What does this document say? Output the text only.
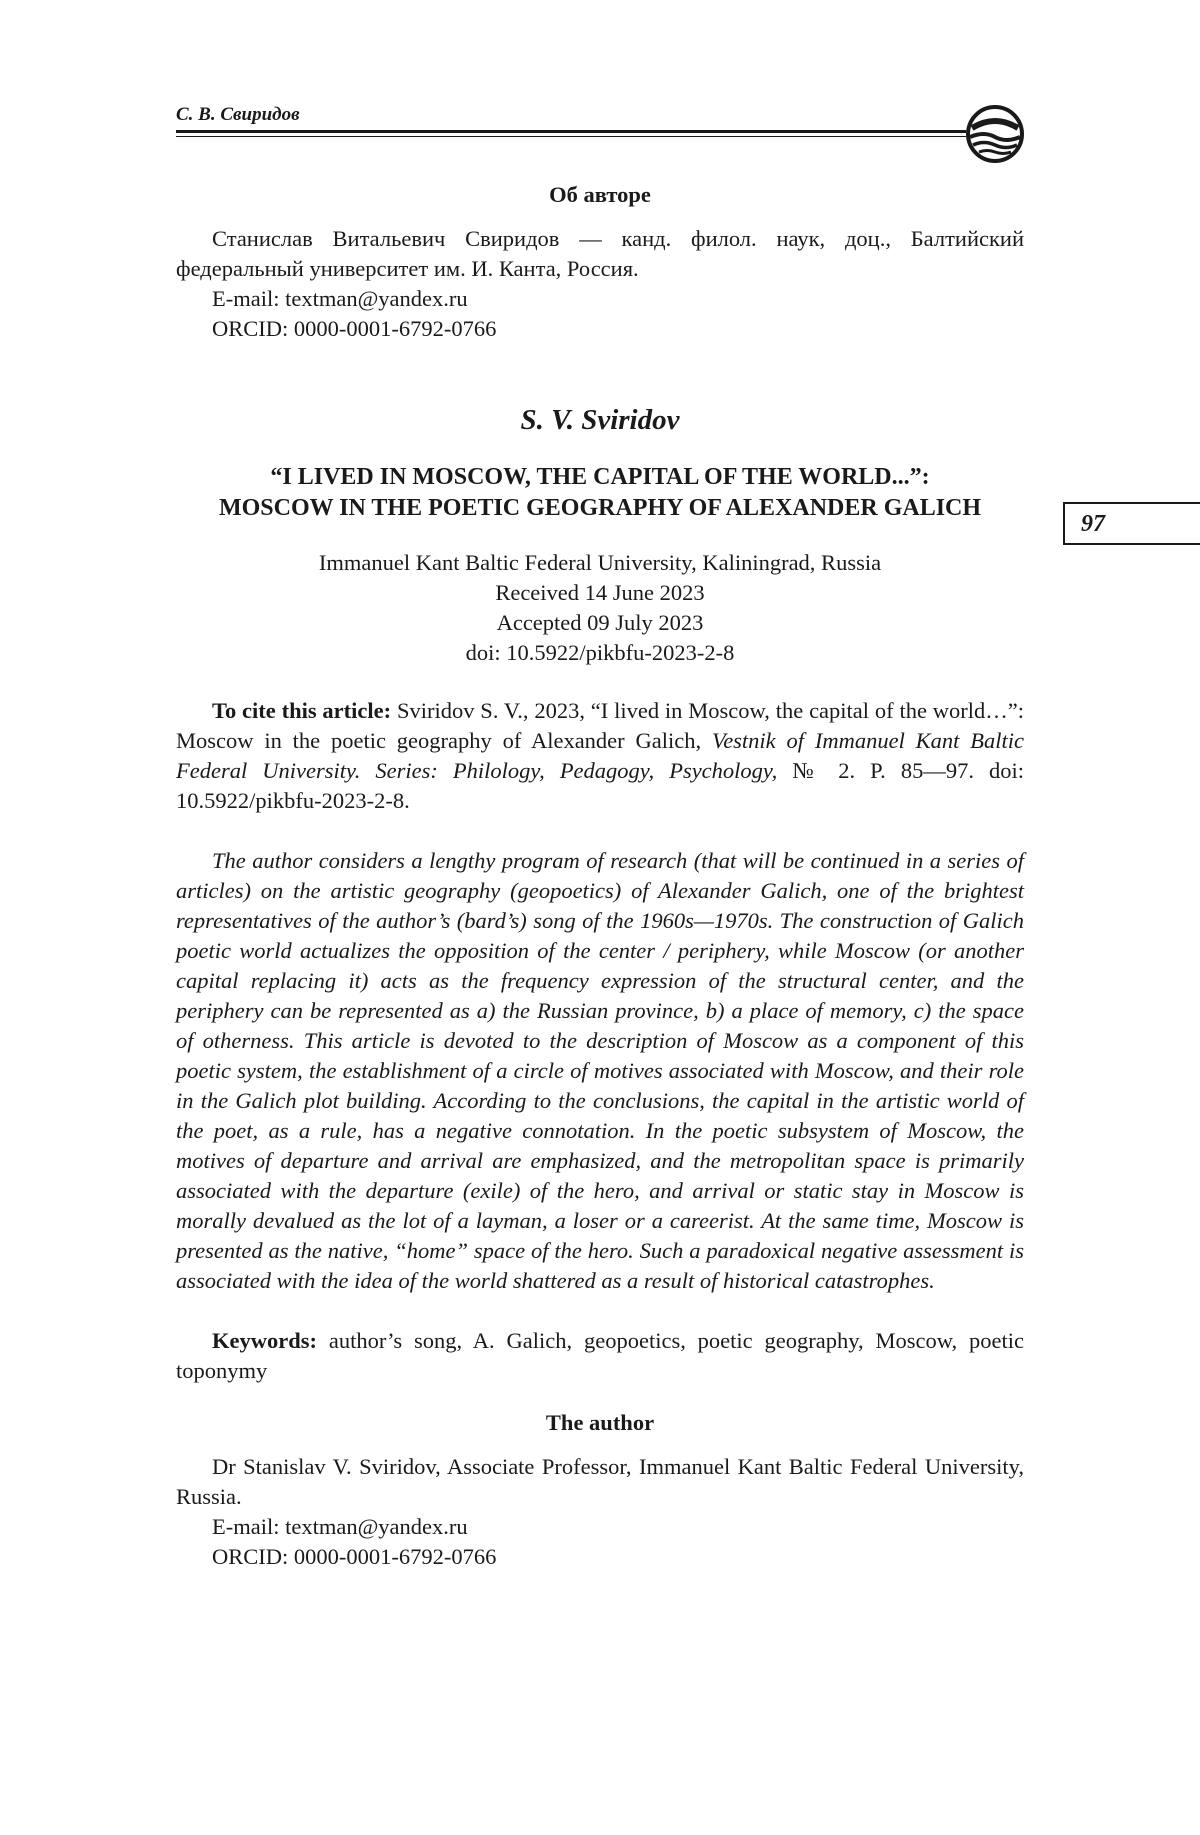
С. В. Свиридов
97

Об авторе

Станислав Витальевич Свиридов — канд. филол. наук, доц., Балтийский федеральный университет им. И. Канта, Россия.

E-mail: textman@yandex.ru
ORCID: 0000-0001-6792-0766
S. V. Sviridov
“I LIVED IN MOSCOW, THE CAPITAL OF THE WORLD...”:
MOSCOW IN THE POETIC GEOGRAPHY OF ALEXANDER GALICH
Immanuel Kant Baltic Federal University, Kaliningrad, Russia
Received 14 June 2023
Accepted 09 July 2023
doi: 10.5922/pikbfu-2023-2-8

To cite this article: Sviridov S. V., 2023, “I lived in Moscow, the capital of the world…”: Moscow in the poetic geography of Alexander Galich, Vestnik of Immanuel Kant Baltic Federal University. Series: Philology, Pedagogy, Psychology, № 2. P. 85—97. doi: 10.5922/pikbfu-2023-2-8.

The author considers a lengthy program of research (that will be continued in a series of articles) on the artistic geography (geopoetics) of Alexander Galich, one of the brightest representatives of the author’s (bard’s) song of the 1960s—1970s. The construction of Galich poetic world actualizes the opposition of the center / periphery, while Moscow (or another capital replacing it) acts as the frequency expression of the structural center, and the periphery can be represented as a) the Russian province, b) a place of memory, c) the space of otherness. This article is devoted to the description of Moscow as a component of this poetic system, the establishment of a circle of motives associated with Moscow, and their role in the Galich plot building. According to the conclusions, the capital in the artistic world of the poet, as a rule, has a negative connotation. In the poetic subsystem of Moscow, the motives of departure and arrival are emphasized, and the metropolitan space is primarily associated with the departure (exile) of the hero, and arrival or static stay in Moscow is morally devalued as the lot of a layman, a loser or a careerist. At the same time, Moscow is presented as the native, “home” space of the hero. Such a paradoxical negative assessment is associated with the idea of the world shattered as a result of historical catastrophes.

Keywords: author’s song, A. Galich, geopoetics, poetic geography, Moscow, poetic toponymy

The author

Dr Stanislav V. Sviridov, Associate Professor, Immanuel Kant Baltic Federal University, Russia.

E-mail: textman@yandex.ru
ORCID: 0000-0001-6792-0766
